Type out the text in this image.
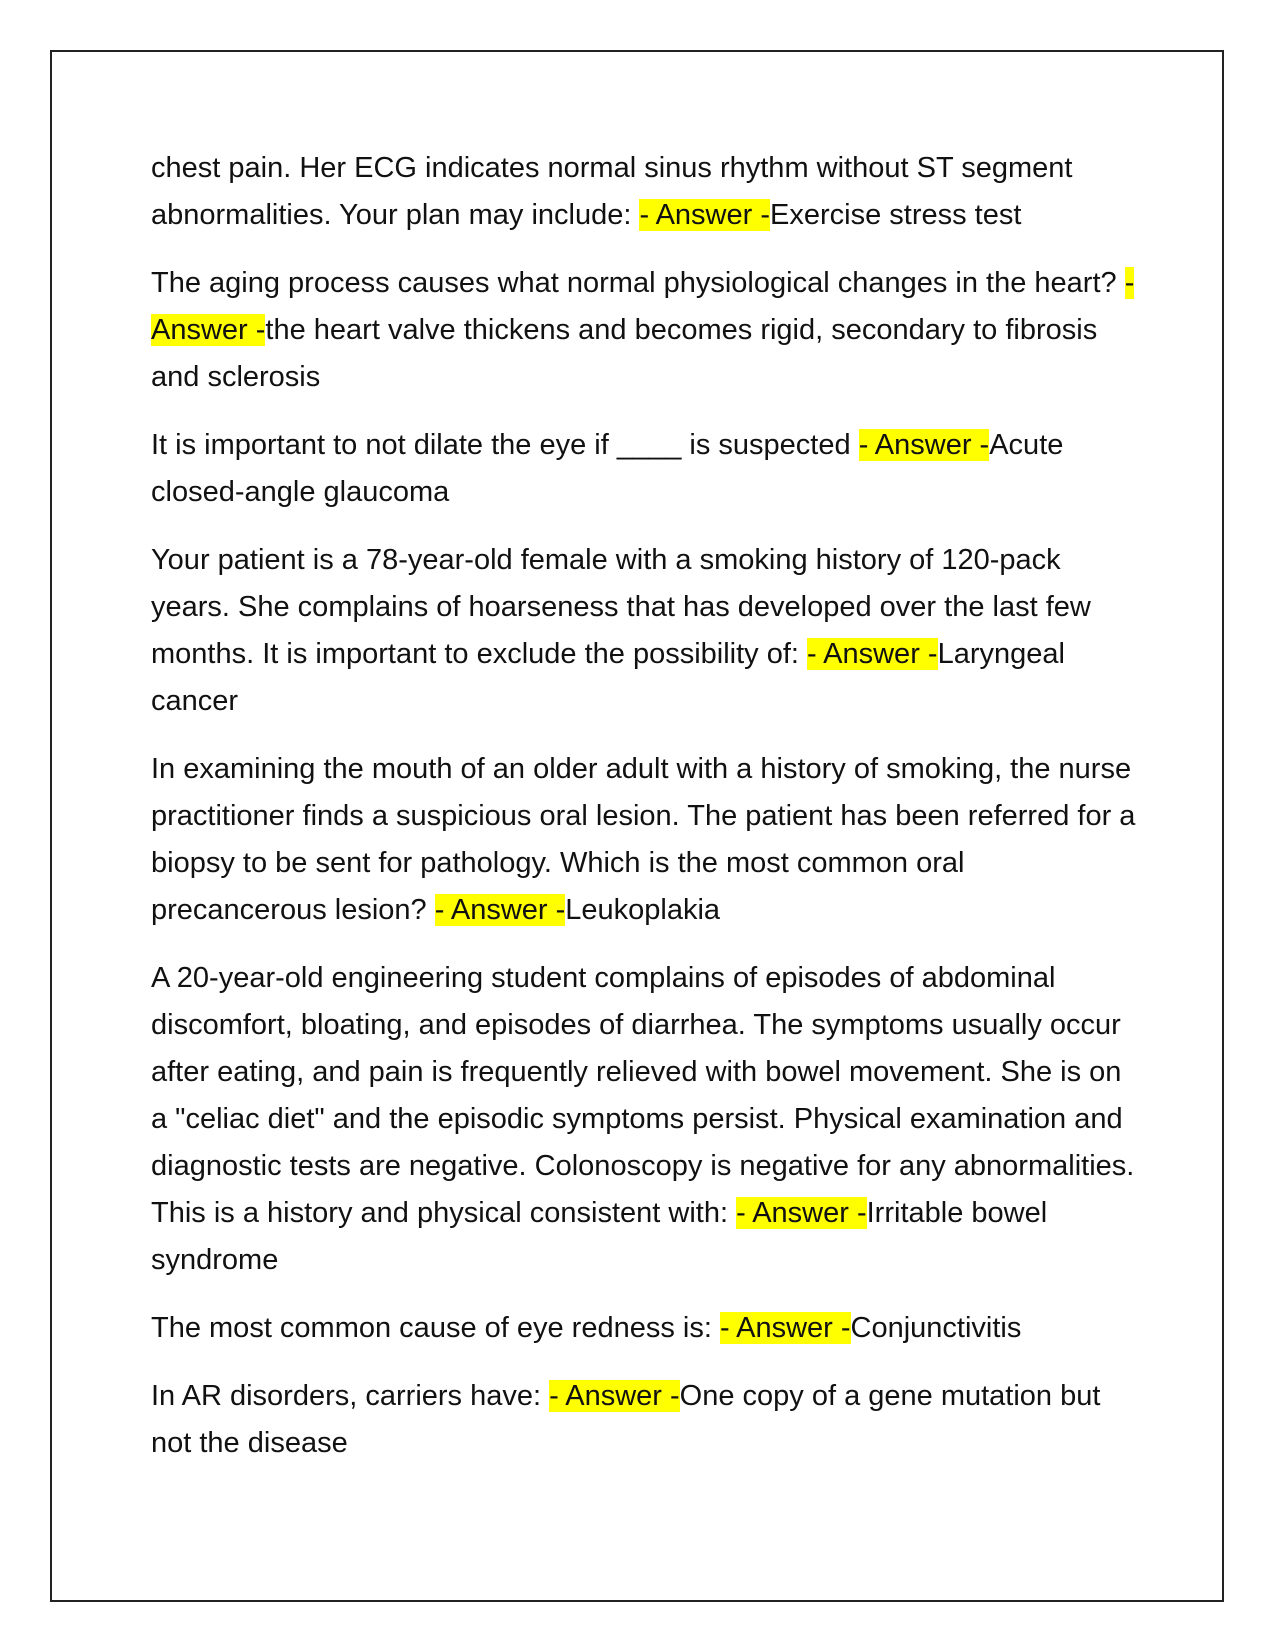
chest pain. Her ECG indicates normal sinus rhythm without ST segment abnormalities. Your plan may include: - Answer -Exercise stress test

The aging process causes what normal physiological changes in the heart? - Answer -the heart valve thickens and becomes rigid, secondary to fibrosis and sclerosis

It is important to not dilate the eye if ____ is suspected - Answer -Acute closed-angle glaucoma

Your patient is a 78-year-old female with a smoking history of 120-pack years. She complains of hoarseness that has developed over the last few months. It is important to exclude the possibility of: - Answer -Laryngeal cancer

In examining the mouth of an older adult with a history of smoking, the nurse practitioner finds a suspicious oral lesion. The patient has been referred for a biopsy to be sent for pathology. Which is the most common oral precancerous lesion? - Answer -Leukoplakia

A 20-year-old engineering student complains of episodes of abdominal discomfort, bloating, and episodes of diarrhea. The symptoms usually occur after eating, and pain is frequently relieved with bowel movement. She is on a "celiac diet" and the episodic symptoms persist. Physical examination and diagnostic tests are negative. Colonoscopy is negative for any abnormalities. This is a history and physical consistent with: - Answer -Irritable bowel syndrome

The most common cause of eye redness is: - Answer -Conjunctivitis

In AR disorders, carriers have: - Answer -One copy of a gene mutation but not the disease
